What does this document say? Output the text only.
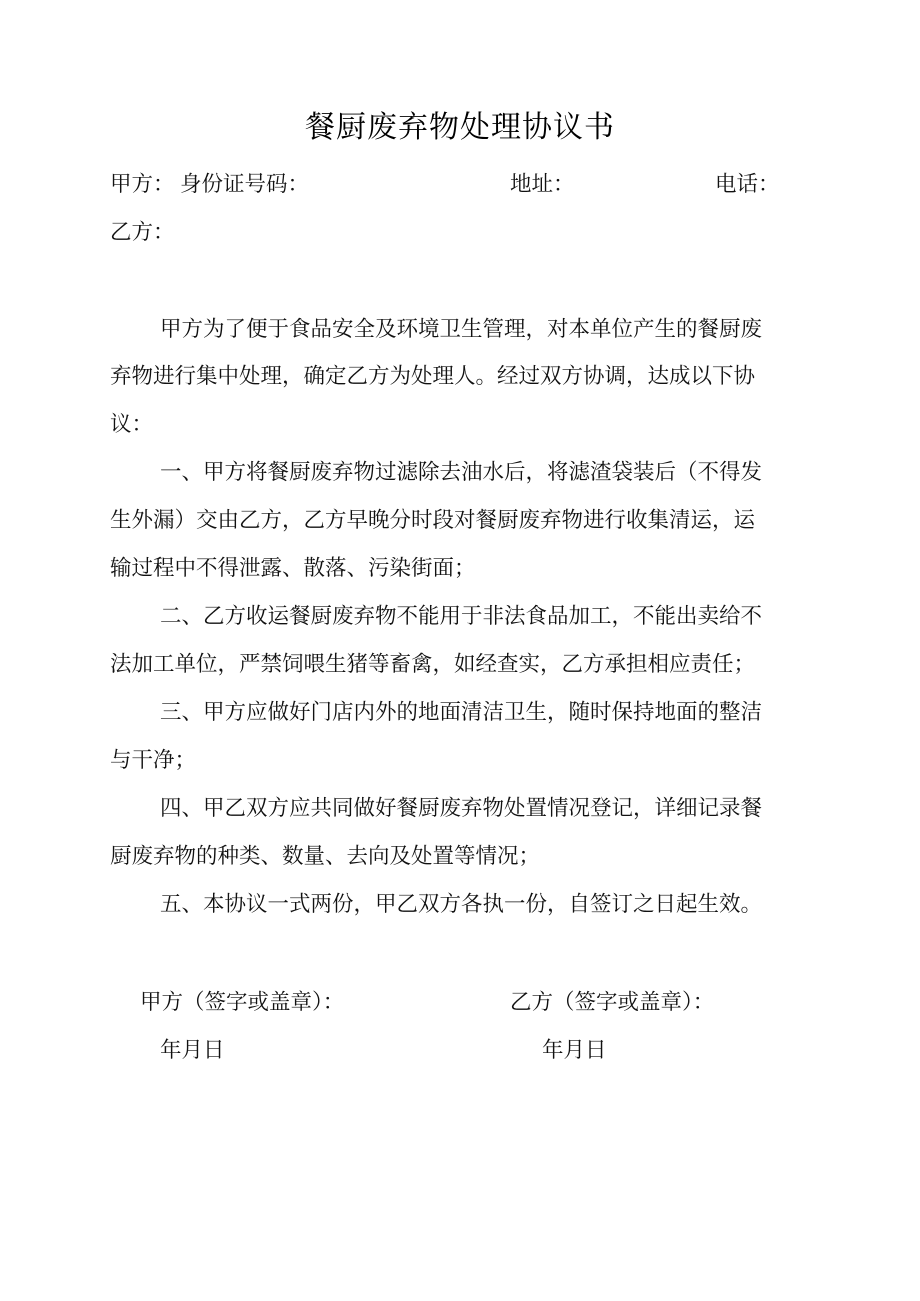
餐厨废弃物处理协议书
甲方： 身份证号码：	地址：	电话：
乙方：
甲方为了便于食品安全及环境卫生管理，对本单位产生的餐厨废
弃物进行集中处理，确定乙方为处理人。经过双方协调，达成以下协
议：
一、甲方将餐厨废弃物过滤除去油水后，将滤渣袋装后（不得发
生外漏）交由乙方，乙方早晚分时段对餐厨废弃物进行收集清运，运
输过程中不得泄露、散落、污染街面；
二、乙方收运餐厨废弃物不能用于非法食品加工，不能出卖给不
法加工单位，严禁饲喂生猪等畜禽，如经查实，乙方承担相应责任；
三、甲方应做好门店内外的地面清洁卫生，随时保持地面的整洁
与干净；
四、甲乙双方应共同做好餐厨废弃物处置情况登记，详细记录餐
厨废弃物的种类、数量、去向及处置等情况；
五、本协议一式两份，甲乙双方各执一份，自签订之日起生效。
甲方（签字或盖章）：	乙方（签字或盖章）：
年月日	年月日
